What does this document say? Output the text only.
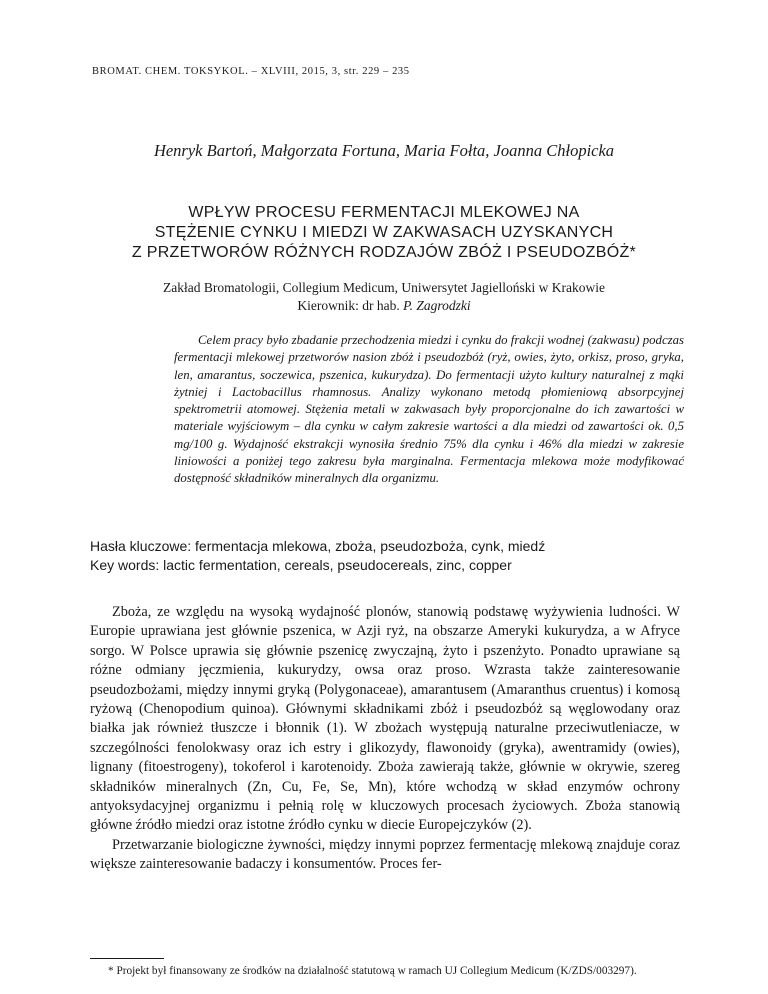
BROMAT. CHEM. TOKSYKOL. – XLVIII, 2015, 3, str. 229 – 235
Henryk Bartoń, Małgorzata Fortuna, Maria Fołta, Joanna Chłopicka
WPŁYW PROCESU FERMENTACJI MLEKOWEJ NA
STĘŻENIE CYNKU I MIEDZI W ZAKWASACH UZYSKANYCH
Z PRZETWORÓW RÓŻNYCH RODZAJÓW ZBÓŻ I PSEUDOZBÓŻ*
Zakład Bromatologii, Collegium Medicum, Uniwersytet Jagielloński w Krakowie
Kierownik: dr hab. P. Zagrodzki
Celem pracy było zbadanie przechodzenia miedzi i cynku do frakcji wodnej (zakwasu) podczas fermentacji mlekowej przetworów nasion zbóż i pseudozbóż (ryż, owies, żyto, orkisz, proso, gryka, len, amarantus, soczewica, pszenica, kukurydza). Do fermentacji użyto kultury naturalnej z mąki żytniej i Lactobacillus rhamnosus. Analizy wykonano metodą płomieniową absorpcyjnej spektrometrii atomowej. Stężenia metali w zakwasach były proporcjonalne do ich zawartości w materiale wyjściowym – dla cynku w całym zakresie wartości a dla miedzi od zawartości ok. 0,5 mg/100 g. Wydajność ekstrakcji wynosiła średnio 75% dla cynku i 46% dla miedzi w zakresie liniowości a poniżej tego zakresu była marginalna. Fermentacja mlekowa może modyfikować dostępność składników mineralnych dla organizmu.
Hasła kluczowe: fermentacja mlekowa, zboża, pseudozboża, cynk, miedź
Key words: lactic fermentation, cereals, pseudocereals, zinc, copper

Zboża, ze względu na wysoką wydajność plonów, stanowią podstawę wyżywienia ludności. W Europie uprawiana jest głównie pszenica, w Azji ryż, na obszarze Ameryki kukurydza, a w Afryce sorgo. W Polsce uprawia się głównie pszenicę zwyczajną, żyto i pszenżyto. Ponadto uprawiane są różne odmiany jęczmienia, kukurydzy, owsa oraz proso. Wzrasta także zainteresowanie pseudozbożami, między innymi gryką (Polygonaceae), amarantusem (Amaranthus cruentus) i komosą ryżową (Chenopodium quinoa). Głównymi składnikami zbóż i pseudozbóż są węglowodany oraz białka jak również tłuszcze i błonnik (1). W zbożach występują naturalne przeciwutleniacze, w szczególności fenolokwasy oraz ich estry i glikozydy, flawonoidy (gryka), awentramidy (owies), lignany (fitoestrogeny), tokoferol i karotenoidy. Zboża zawierają także, głównie w okrywie, szereg składników mineralnych (Zn, Cu, Fe, Se, Mn), które wchodzą w skład enzymów ochrony antyoksydacyjnej organizmu i pełnią rolę w kluczowych procesach życiowych. Zboża stanowią główne źródło miedzi oraz istotne źródło cynku w diecie Europejczyków (2).

Przetwarzanie biologiczne żywności, między innymi poprzez fermentację mlekową znajduje coraz większe zainteresowanie badaczy i konsumentów. Proces fer-

* Projekt był finansowany ze środków na działalność statutową w ramach UJ Collegium Medicum (K/ZDS/003297).
